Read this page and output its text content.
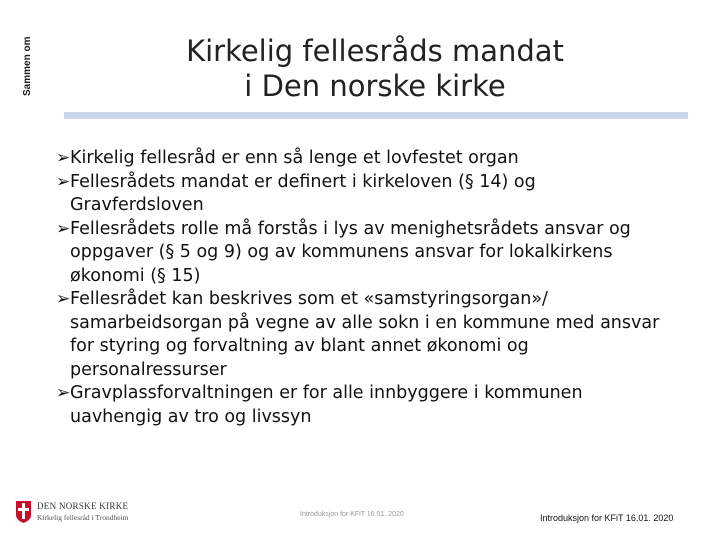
Sammen om	Kirkelig fellesråds mandat
i Den norske kirke
➢ Kirkelig fellesråd er enn så lenge et lovfestet organ
➢ Fellesrådets mandat er definert i kirkeloven (§ 14) og Gravferdsloven
➢ Fellesrådets rolle må forstås i lys av menighetsrådets ansvar og oppgaver (§ 5 og 9) og av kommunens ansvar for lokalkirkens økonomi (§ 15)
➢ Fellesrådet kan beskrives som et «samstyringsorgan»/ samarbeidsorgan på vegne av alle sokn i en kommune med ansvar for styring og forvaltning av blant annet økonomi og personalressurser
➢ Gravplassforvaltningen er for alle innbyggere i kommunen uavhengig av tro og livssyn
DEN NORSKE KIRKE
Kirkelig fellesråd i Trondheim	Introduksjon for KFiT 16.01. 2020	Introduksjon for KFiT 16.01. 2020
